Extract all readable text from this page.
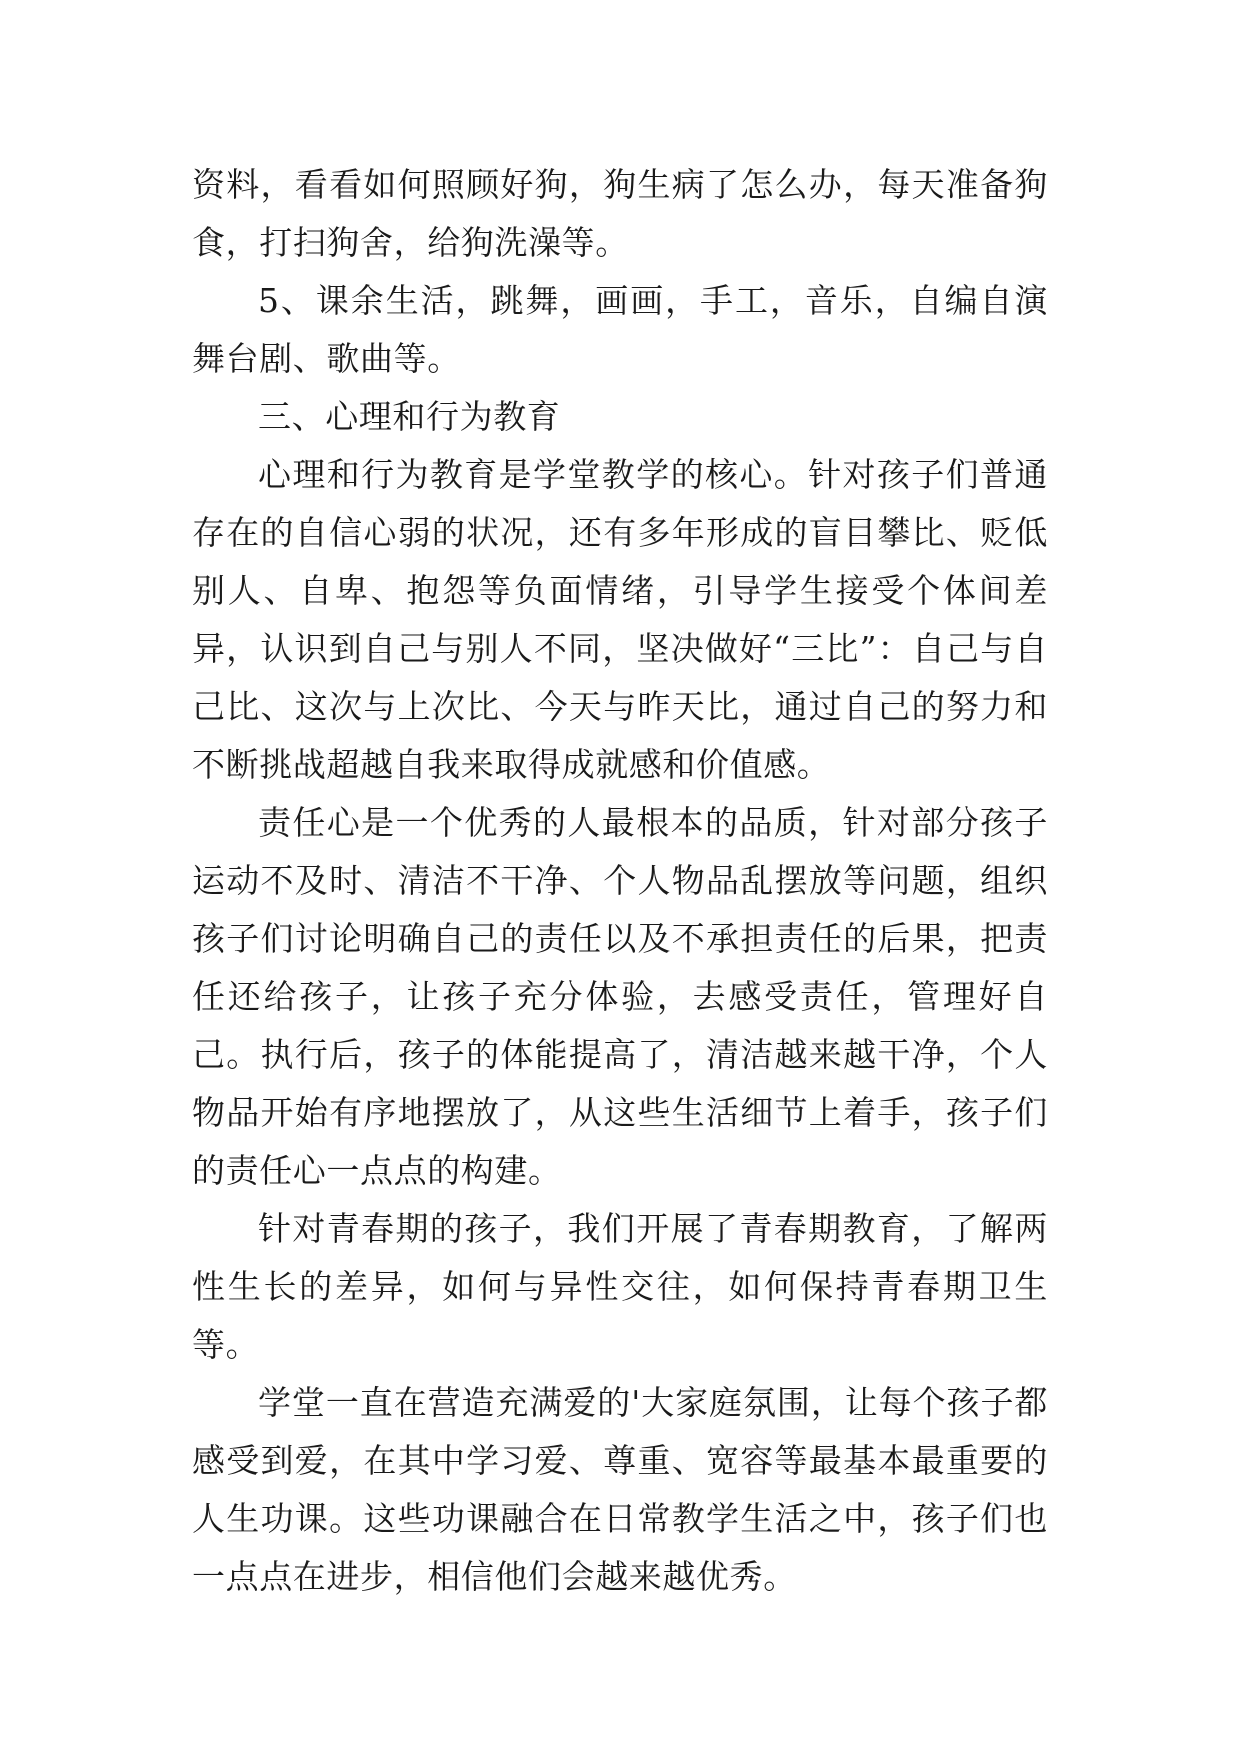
资料，看看如何照顾好狗，狗生病了怎么办，每天准备狗食，打扫狗舍，给狗洗澡等。

5、课余生活，跳舞，画画，手工，音乐，自编自演舞台剧、歌曲等。

三、心理和行为教育

心理和行为教育是学堂教学的核心。针对孩子们普通存在的自信心弱的状况，还有多年形成的盲目攀比、贬低别人、自卑、抱怨等负面情绪，引导学生接受个体间差异，认识到自己与别人不同，坚决做好“三比”：自己与自己比、这次与上次比、今天与昨天比，通过自己的努力和不断挑战超越自我来取得成就感和价值感。

责任心是一个优秀的人最根本的品质，针对部分孩子运动不及时、清洁不干净、个人物品乱摆放等问题，组织孩子们讨论明确自己的责任以及不承担责任的后果，把责任还给孩子，让孩子充分体验，去感受责任，管理好自己。执行后，孩子的体能提高了，清洁越来越干净，个人物品开始有序地摆放了，从这些生活细节上着手，孩子们的责任心一点点的构建。

针对青春期的孩子，我们开展了青春期教育，了解两性生长的差异，如何与异性交往，如何保持青春期卫生等。

学堂一直在营造充满爱的'大家庭氛围，让每个孩子都感受到爱，在其中学习爱、尊重、宽容等最基本最重要的人生功课。这些功课融合在日常教学生活之中，孩子们也一点点在进步，相信他们会越来越优秀。
